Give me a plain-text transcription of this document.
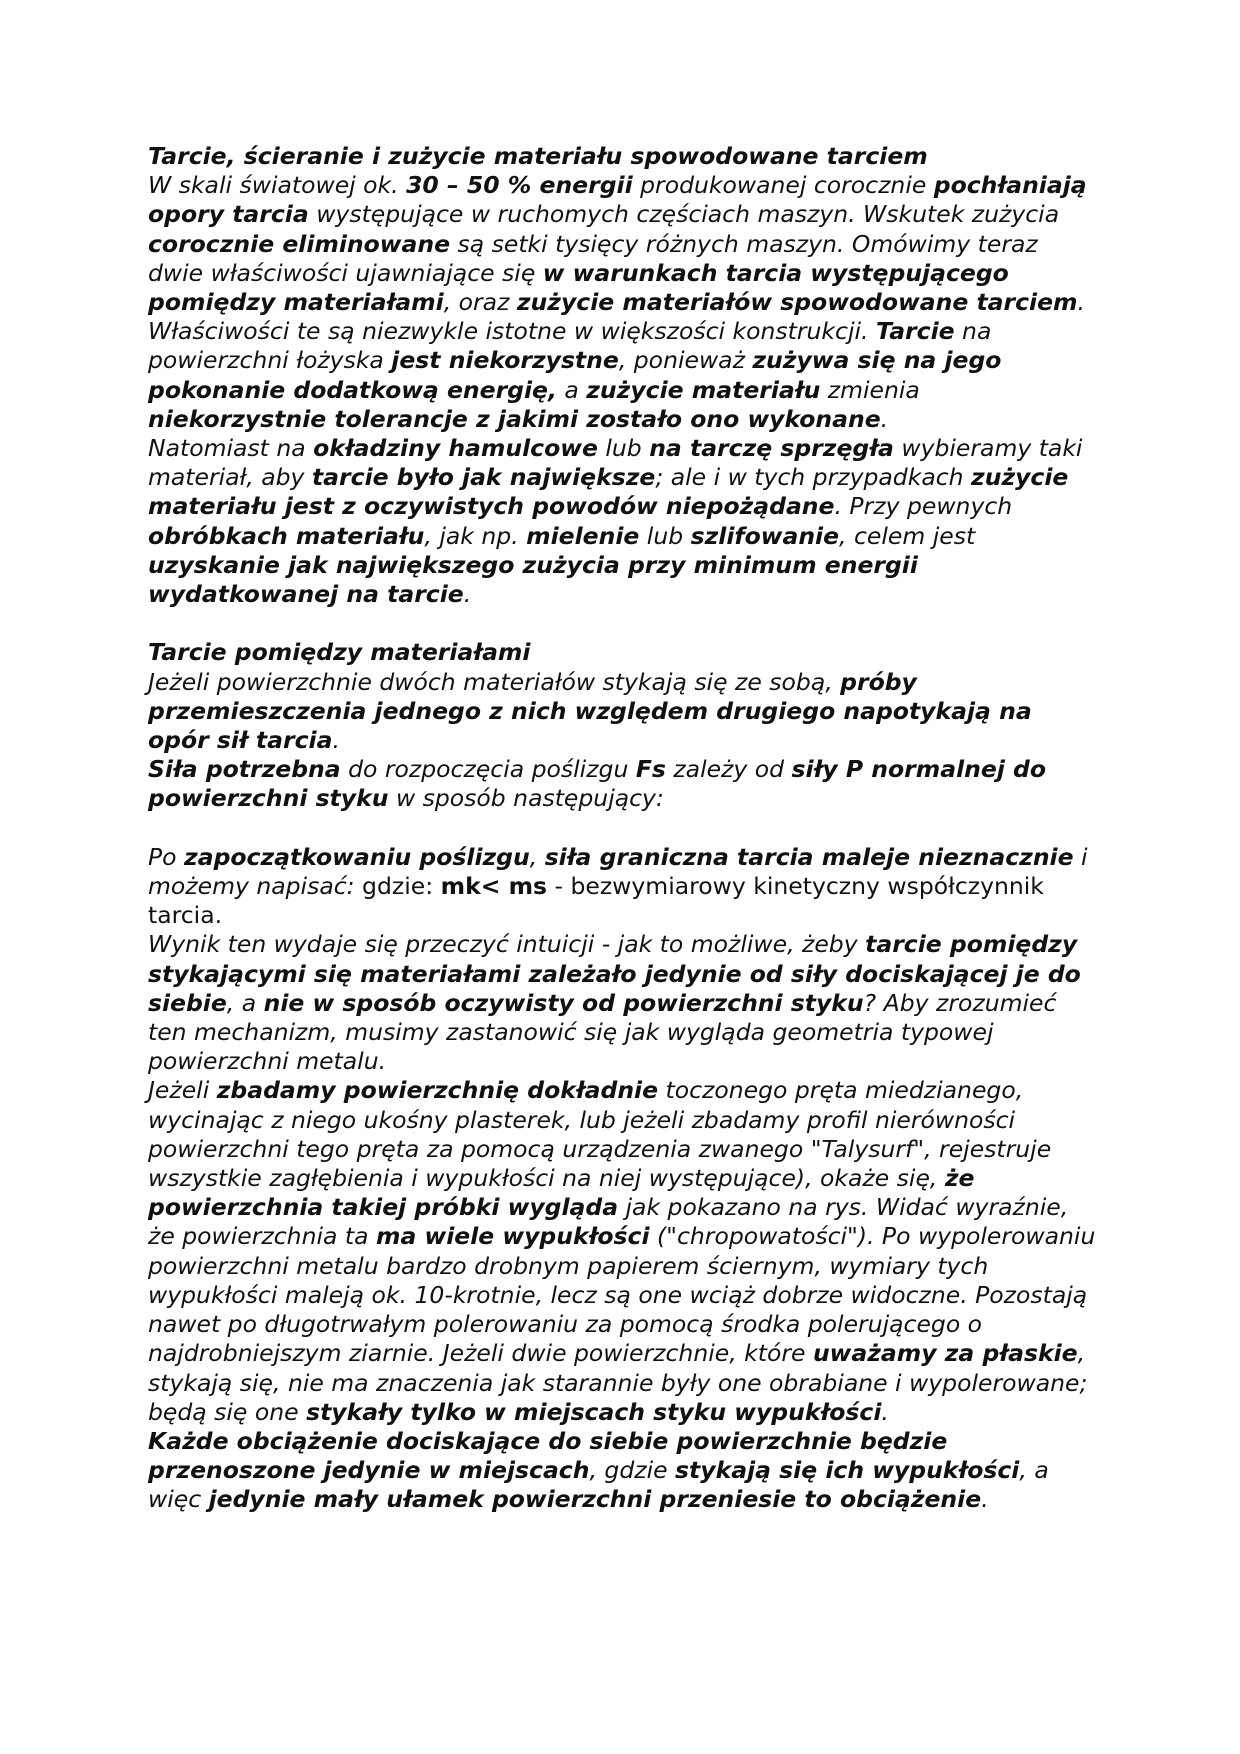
Tarcie, ścieranie i zużycie materiału spowodowane tarciem

W skali światowej ok. 30 – 50 % energii produkowanej corocznie pochłaniają opory tarcia występujące w ruchomych częściach maszyn. Wskutek zużycia corocznie eliminowane są setki tysięcy różnych maszyn. Omówimy teraz dwie właściwości ujawniające się w warunkach tarcia występującego pomiędzy materiałami, oraz zużycie materiałów spowodowane tarciem. Właściwości te są niezwykle istotne w większości konstrukcji. Tarcie na powierzchni łożyska jest niekorzystne, ponieważ zużywa się na jego pokonanie dodatkową energię, a zużycie materiału zmienia niekorzystnie tolerancje z jakimi zostało ono wykonane.

Natomiast na okładziny hamulcowe lub na tarczę sprzęgła wybieramy taki materiał, aby tarcie było jak największe; ale i w tych przypadkach zużycie materiału jest z oczywistych powodów niepożądane. Przy pewnych obróbkach materiału, jak np. mielenie lub szlifowanie, celem jest uzyskanie jak największego zużycia przy minimum energii wydatkowanej na tarcie.

Tarcie pomiędzy materiałami

Jeżeli powierzchnie dwóch materiałów stykają się ze sobą, próby przemieszczenia jednego z nich względem drugiego napotykają na opór sił tarcia.

Siła potrzebna do rozpoczęcia poślizgu Fs zależy od siły P normalnej do powierzchni styku w sposób następujący:

Po zapoczątkowaniu poślizgu, siła graniczna tarcia maleje nieznacznie i możemy napisać: gdzie: mk< ms - bezwymiarowy kinetyczny współczynnik tarcia.

Wynik ten wydaje się przeczyć intuicji - jak to możliwe, żeby tarcie pomiędzy stykającymi się materiałami zależało jedynie od siły dociskającej je do siebie, a nie w sposób oczywisty od powierzchni styku? Aby zrozumieć ten mechanizm, musimy zastanowić się jak wygląda geometria typowej powierzchni metalu.

Jeżeli zbadamy powierzchnię dokładnie toczonego pręta miedzianego, wycinając z niego ukośny plasterek, lub jeżeli zbadamy profil nierówności powierzchni tego pręta za pomocą urządzenia zwanego "Talysurf", rejestruje wszystkie zagłębienia i wypukłości na niej występujące), okaże się, że powierzchnia takiej próbki wygląda jak pokazano na rys. Widać wyraźnie, że powierzchnia ta ma wiele wypukłości ("chropowatości"). Po wypolerowaniu powierzchni metalu bardzo drobnym papierem ściernym, wymiary tych wypukłości maleją ok. 10-krotnie, lecz są one wciąż dobrze widoczne. Pozostają nawet po długotrwałym polerowaniu za pomocą środka polerującego o najdrobniejszym ziarnie. Jeżeli dwie powierzchnie, które uważamy za płaskie, stykają się, nie ma znaczenia jak starannie były one obrabiane i wypolerowane; będą się one stykały tylko w miejscach styku wypukłości.

Każde obciążenie dociskające do siebie powierzchnie będzie przenoszone jedynie w miejscach, gdzie stykają się ich wypukłości, a więc jedynie mały ułamek powierzchni przeniesie to obciążenie.
